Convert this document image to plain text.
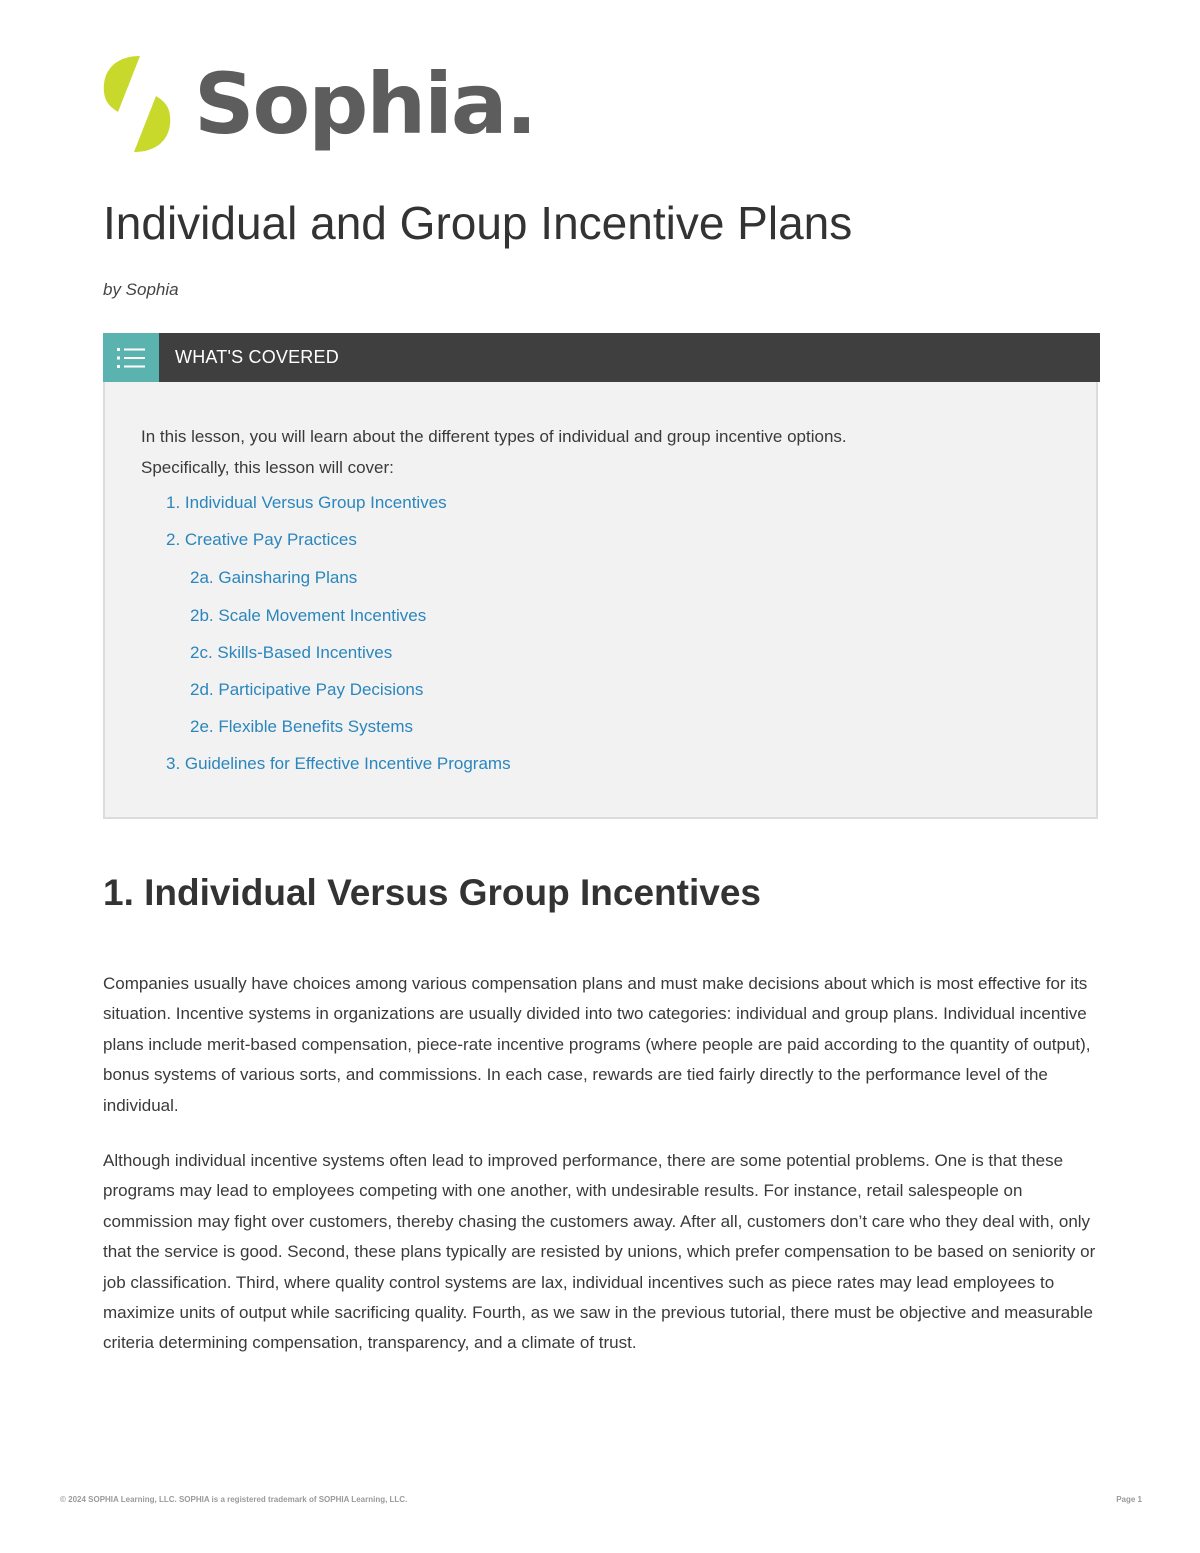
Sophia.
Individual and Group Incentive Plans
by Sophia
WHAT'S COVERED
In this lesson, you will learn about the different types of individual and group incentive options.
Specifically, this lesson will cover:
1. Individual Versus Group Incentives
2. Creative Pay Practices
2a. Gainsharing Plans
2b. Scale Movement Incentives
2c. Skills-Based Incentives
2d. Participative Pay Decisions
2e. Flexible Benefits Systems
3. Guidelines for Effective Incentive Programs
1. Individual Versus Group Incentives

Companies usually have choices among various compensation plans and must make decisions about which is most effective for its situation. Incentive systems in organizations are usually divided into two categories: individual and group plans. Individual incentive plans include merit-based compensation, piece-rate incentive programs (where people are paid according to the quantity of output), bonus systems of various sorts, and commissions. In each case, rewards are tied fairly directly to the performance level of the individual.

Although individual incentive systems often lead to improved performance, there are some potential problems. One is that these programs may lead to employees competing with one another, with undesirable results. For instance, retail salespeople on commission may fight over customers, thereby chasing the customers away. After all, customers don’t care who they deal with, only that the service is good. Second, these plans typically are resisted by unions, which prefer compensation to be based on seniority or job classification. Third, where quality control systems are lax, individual incentives such as piece rates may lead employees to maximize units of output while sacrificing quality. Fourth, as we saw in the previous tutorial, there must be objective and measurable criteria determining compensation, transparency, and a climate of trust.

© 2024 SOPHIA Learning, LLC. SOPHIA is a registered trademark of SOPHIA Learning, LLC.	Page 1
